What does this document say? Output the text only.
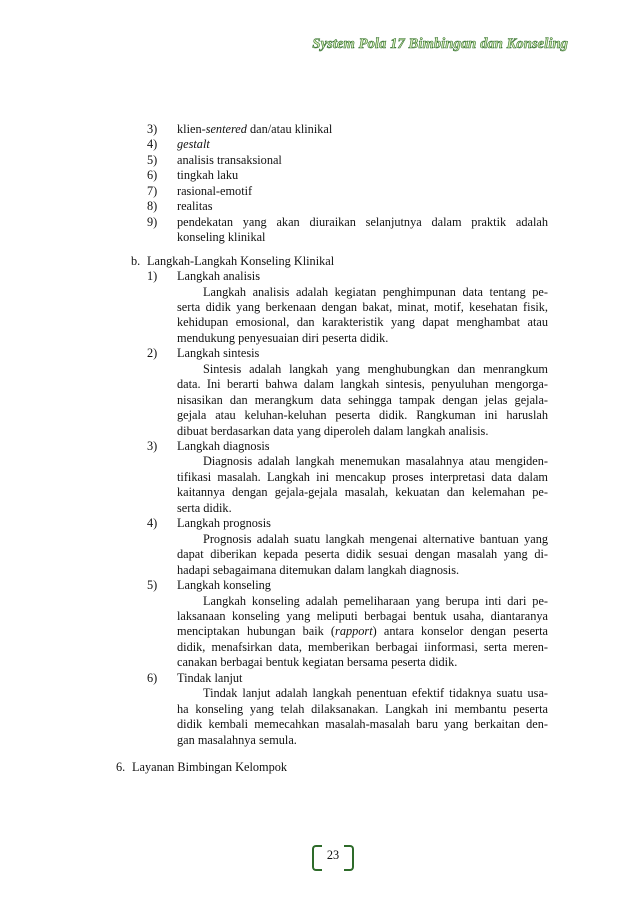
System Pola 17 Bimbingan dan Konseling
3) klien-sentered dan/atau klinikal
4) gestalt
5) analisis transaksional
6) tingkah laku
7) rasional-emotif
8) realitas
9) pendekatan yang akan diuraikan selanjutnya dalam praktik adalah
konseling klinikal
b. Langkah-Langkah Konseling Klinikal
1) Langkah analisis
Langkah analisis adalah kegiatan penghimpunan data tentang pe-
serta didik yang berkenaan dengan bakat, minat, motif, kesehatan fisik,
kehidupan emosional, dan karakteristik yang dapat menghambat atau
mendukung penyesuaian diri peserta didik.
2) Langkah sintesis
Sintesis adalah langkah yang menghubungkan dan menrangkum
data. Ini berarti bahwa dalam langkah sintesis, penyuluhan mengorga-
nisasikan dan merangkum data sehingga tampak dengan jelas gejala-
gejala atau keluhan-keluhan peserta didik. Rangkuman ini haruslah
dibuat berdasarkan data yang diperoleh dalam langkah analisis.
3) Langkah diagnosis
Diagnosis adalah langkah menemukan masalahnya atau mengiden-
tifikasi masalah. Langkah ini mencakup proses interpretasi data dalam
kaitannya dengan gejala-gejala masalah, kekuatan dan kelemahan pe-
serta didik.
4) Langkah prognosis
Prognosis adalah suatu langkah mengenai alternative bantuan yang
dapat diberikan kepada peserta didik sesuai dengan masalah yang di-
hadapi sebagaimana ditemukan dalam langkah diagnosis.
5) Langkah konseling
Langkah konseling adalah pemeliharaan yang berupa inti dari pe-
laksanaan konseling yang meliputi berbagai bentuk usaha, diantaranya
menciptakan hubungan baik (rapport) antara konselor dengan peserta
didik, menafsirkan data, memberikan berbagai iinformasi, serta meren-
canakan berbagai bentuk kegiatan bersama peserta didik.
6) Tindak lanjut
Tindak lanjut adalah langkah penentuan efektif tidaknya suatu usa-
ha konseling yang telah dilaksanakan. Langkah ini membantu peserta
didik kembali memecahkan masalah-masalah baru yang berkaitan den-
gan masalahnya semula.
6. Layanan Bimbingan Kelompok
23
